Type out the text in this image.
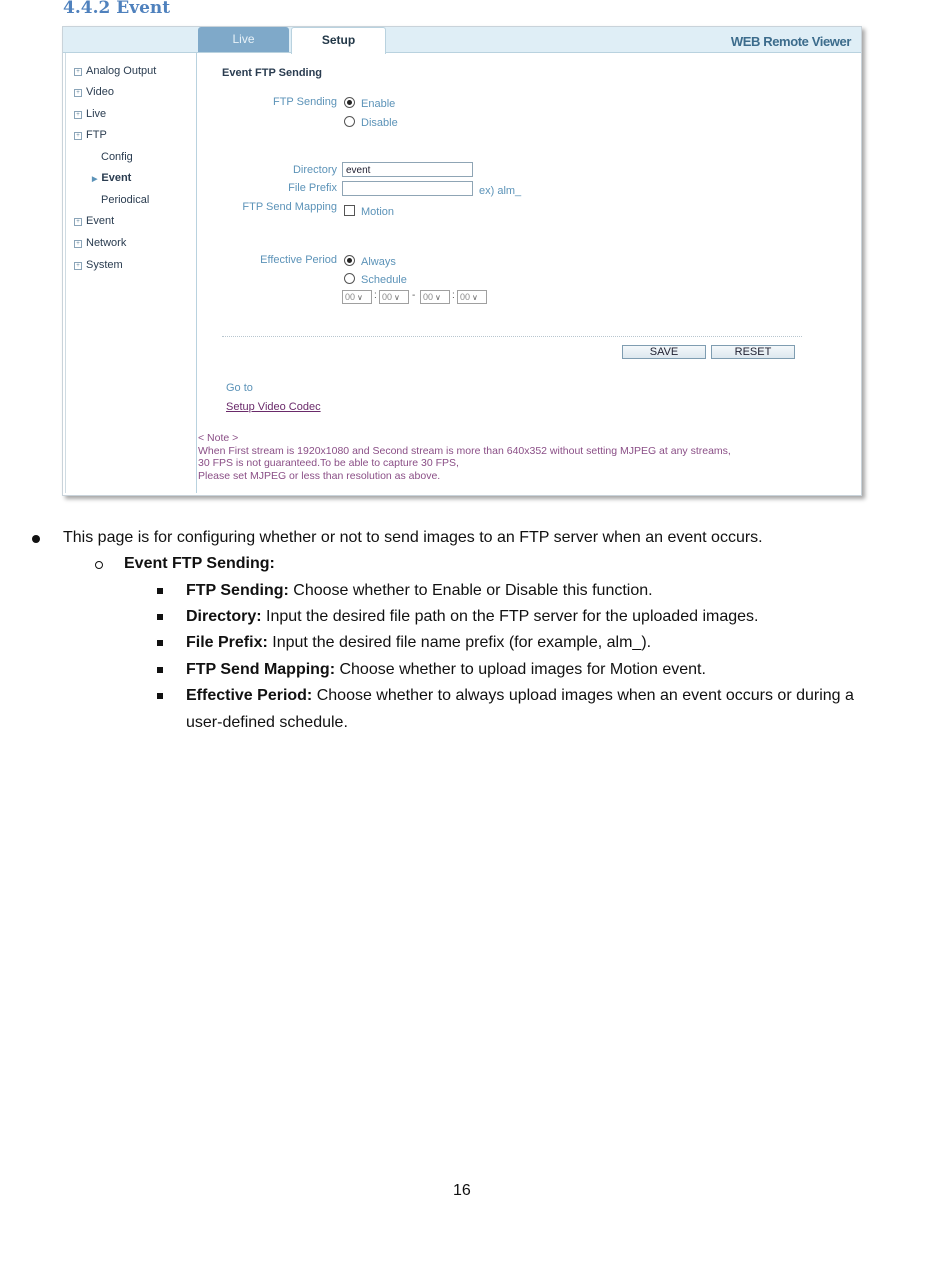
4.4.2 Event
Live	Setup	WEB Remote Viewer
+ Analog Output
+ Video
+ Live
+ FTP
Config
▶ Event
Periodical
+ Event
+ Network
+ System
Event FTP Sending
FTP Sending	Enable
Disable
Directory event
File Prefix	ex) alm_
FTP Send Mapping	Motion
Effective Period	Always
Schedule
00 ∨	: 00 ∨	- 00 ∨	: 00 ∨
SAVE	RESET
Go to
Setup Video Codec
< Note >
When First stream is 1920x1080 and Second stream is more than 640x352 without setting MJPEG at any streams,
30 FPS is not guaranteed.To be able to capture 30 FPS,
Please set MJPEG or less than resolution as above.
This page is for configuring whether or not to send images to an FTP server when an event occurs.
Event FTP Sending:
FTP Sending: Choose whether to Enable or Disable this function.
Directory: Input the desired file path on the FTP server for the uploaded images.
File Prefix: Input the desired file name prefix (for example, alm_).
FTP Send Mapping: Choose whether to upload images for Motion event.
Effective Period: Choose whether to always upload images when an event occurs or during a
user-defined schedule.
16
